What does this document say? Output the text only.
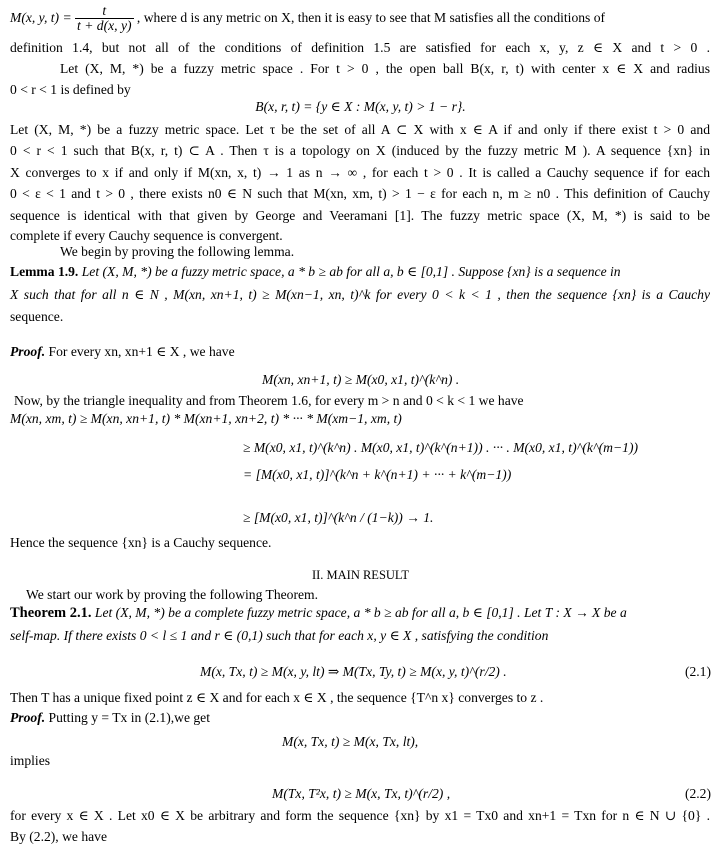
M(x, y, $t) = \frac{t}{t + d(x, y)}$ , where d is any metric on X, then it is easy to see that M satisfies all the conditions of
definition 1.4, but not all of the conditions of definition 1.5 are satisfied for each x, y, z ∈ X and t > 0 .
Let (X, M, *) be a fuzzy metric space . For t > 0 , the open ball B(x, r, t) with center x ∈ X and radius
0 < r < 1 is defined by
B(x, r, t) = {y ∈ X : M(x, y, t) > 1 − r}.
Let (X, M, *) be a fuzzy metric space. Let τ be the set of all A ⊂ X with x ∈ A if and only if there exist t > 0 and
0 < r < 1 such that B(x, r, t) ⊂ A . Then τ is a topology on X (induced by the fuzzy metric M ). A sequence {xn} in
X converges to x if and only if M(xn, x, t) → 1 as n → ∞ , for each t > 0 . It is called a Cauchy sequence if for each
0 < ε < 1 and t > 0 , there exists n0 ∈ N such that M(xn, xm, t) > 1 − ε for each n, m ≥ n0 . This definition of Cauchy
sequence is identical with that given by George and Veeramani [1]. The fuzzy metric space (X, M, *) is said to be
complete if every Cauchy sequence is convergent.
We begin by proving the following lemma.
Lemma 1.9. Let (X, M, *) be a fuzzy metric space, a * b ≥ ab for all a, b ∈ [0,1] . Suppose {xn} is a sequence in
X such that for all n ∈ N , M(xn, xn+1, t) ≥ M(xn−1, xn, t)^k for every 0 < k < 1 , then the sequence {xn} is a Cauchy
sequence.
Proof. For every xn, xn+1 ∈ X , we have
M(xn, xn+1, t) ≥ M(x0, x1, t)^(k^n) .
Now, by the triangle inequality and from Theorem 1.6, for every m > n and 0 < k < 1 we have
M(xn, xm, t) ≥ M(xn, xn+1, t) * M(xn+1, xn+2, t) * ··· * M(xm−1, xm, t)
≥ M(x0, x1, t)^(k^n) . M(x0, x1, t)^(k^(n+1)) . ··· . M(x0, x1, t)^(k^(m−1))
= [M(x0, x1, t)]^(k^n + k^(n+1) + ··· + k^(m−1))
≥ [M(x0, x1, t)]^(k^n / (1−k)) → 1.
Hence the sequence {xn} is a Cauchy sequence.
II. MAIN RESULT
We start our work by proving the following Theorem.
Theorem 2.1. Let (X, M, *) be a complete fuzzy metric space, a * b ≥ ab for all a, b ∈ [0,1] . Let T : X → X be a
self-map. If there exists 0 < l ≤ 1 and r ∈ (0,1) such that for each x, y ∈ X , satisfying the condition
M(x, Tx, t) ≥ M(x, y, lt) ⇒ M(Tx, Ty, t) ≥ M(x, y, t)^(r/2) .	(2.1)
Then T has a unique fixed point z ∈ X and for each x ∈ X , the sequence {T^n x} converges to z .
Proof. Putting y = Tx in (2.1),we get
M(x, Tx, t) ≥ M(x, Tx, lt),
implies
M(Tx, T²x, t) ≥ M(x, Tx, t)^(r/2) ,	(2.2)
for every x ∈ X . Let x0 ∈ X be arbitrary and form the sequence {xn} by x1 = Tx0 and xn+1 = Txn for n ∈ N ∪ {0} .
By (2.2), we have
